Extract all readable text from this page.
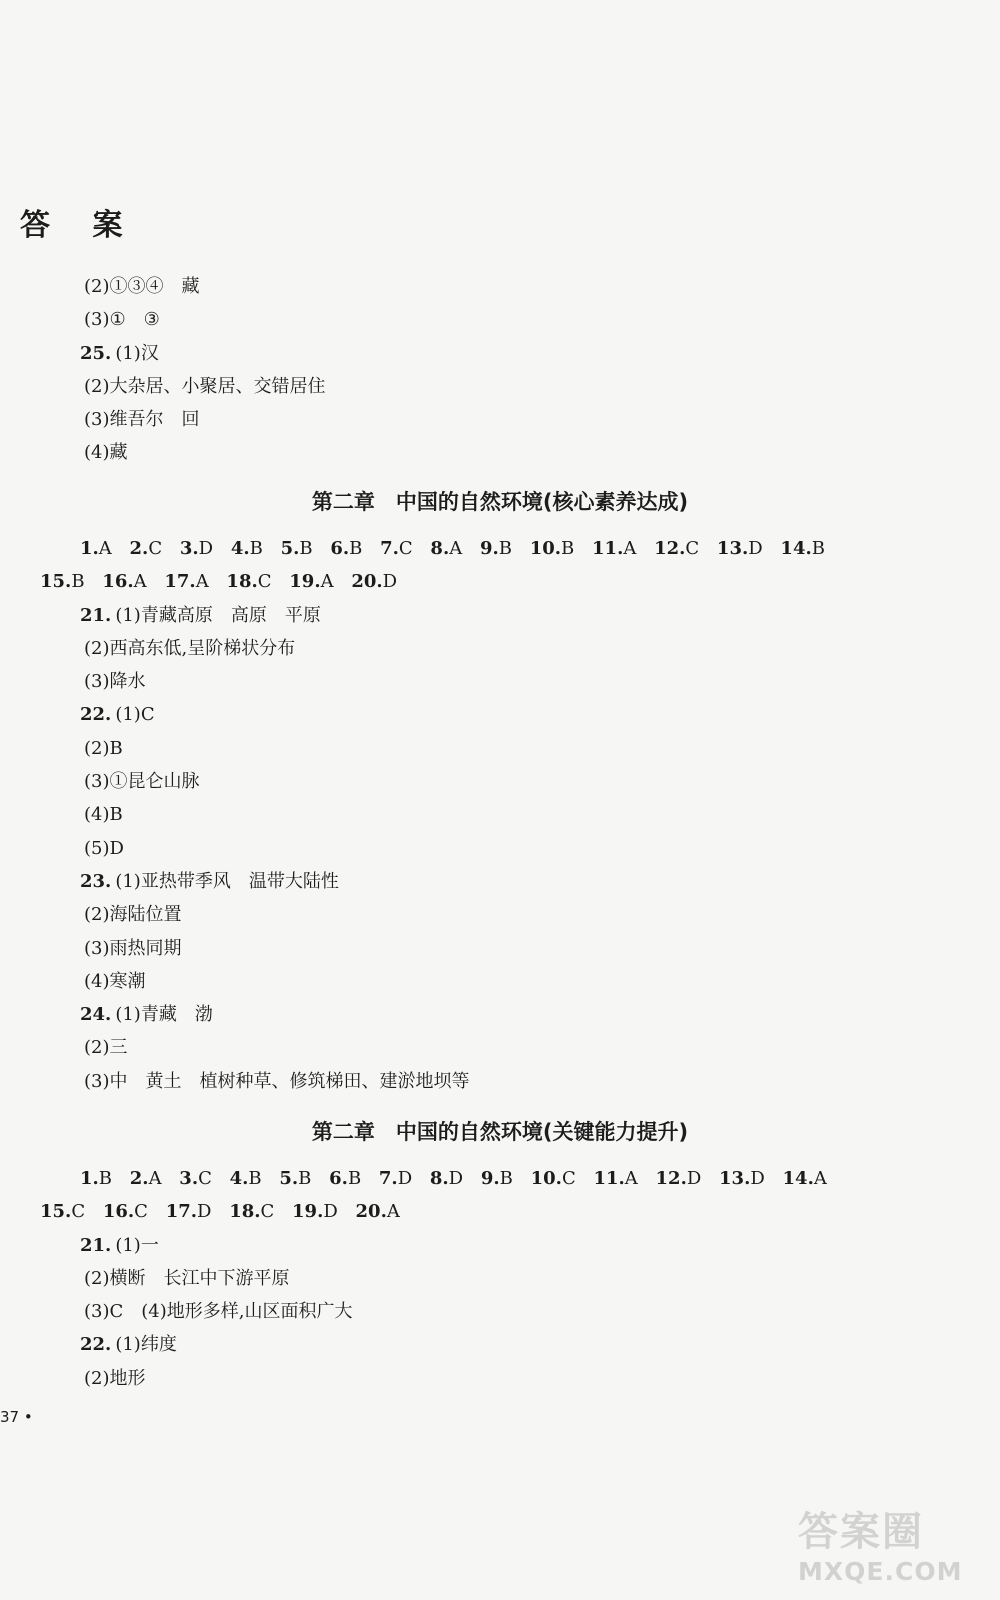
答 案
(2)①③④　藏
(3)①　③
25. (1)汉
(2)大杂居、小聚居、交错居住
(3)维吾尔　回
(4)藏
第二章　中国的自然环境(核心素养达成)
1.A 2.C 3.D 4.B 5.B 6.B 7.C 8.A 9.B 10.B 11.A 12.C 13.D 14.B
15.B 16.A 17.A 18.C 19.A 20.D
21. (1)青藏高原　高原　平原
(2)西高东低,呈阶梯状分布
(3)降水
22. (1)C
(2)B
(3)①昆仑山脉
(4)B
(5)D
23. (1)亚热带季风　温带大陆性
(2)海陆位置
(3)雨热同期
(4)寒潮
24. (1)青藏　渤
(2)三
(3)中　黄土　植树种草、修筑梯田、建淤地坝等
第二章　中国的自然环境(关键能力提升)
1.B 2.A 3.C 4.B 5.B 6.B 7.D 8.D 9.B 10.C 11.A 12.D 13.D 14.A
15.C 16.C 17.D 18.C 19.D 20.A
21. (1)一
(2)横断　长江中下游平原
(3)C　(4)地形多样,山区面积广大
22. (1)纬度
(2)地形
37 •
答案圈
MXQE.COM
